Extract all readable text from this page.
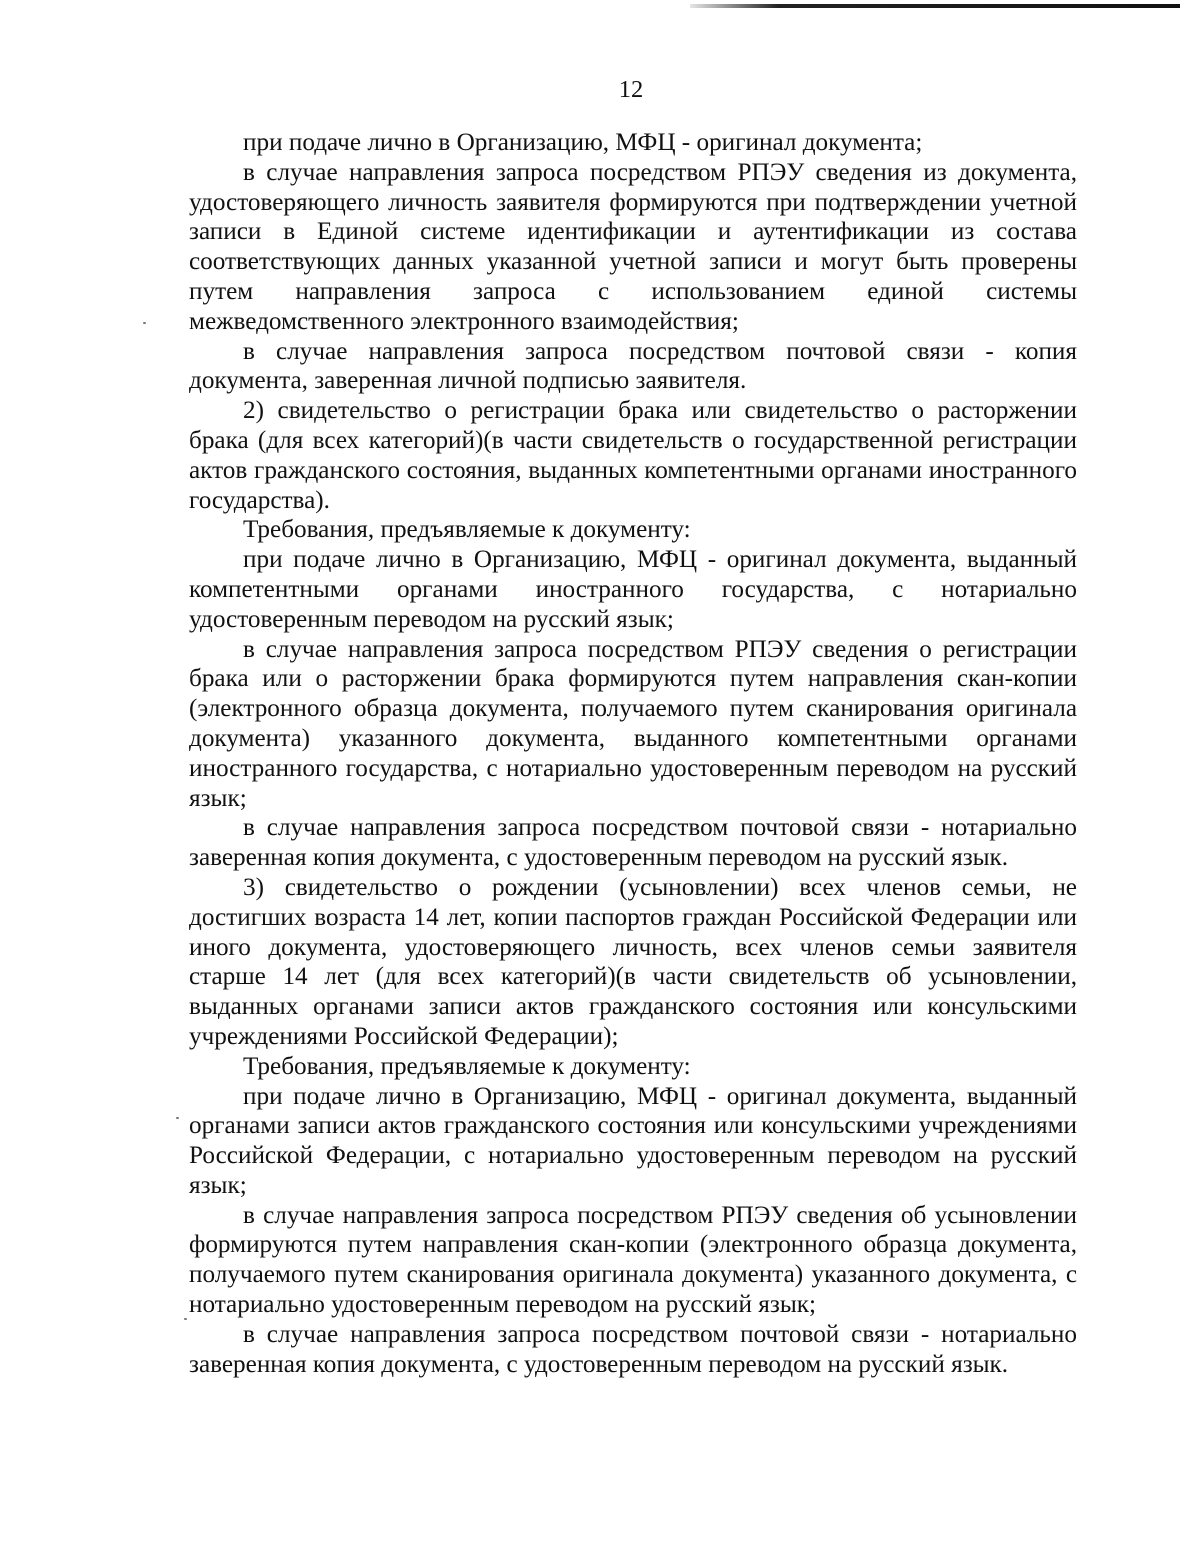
12

при подаче лично в Организацию, МФЦ - оригинал документа;

в случае направления запроса посредством РПЭУ сведения из документа, удостоверяющего личность заявителя формируются при подтверждении учетной записи в Единой системе идентификации и аутентификации из состава соответствующих данных указанной учетной записи и могут быть проверены путем направления запроса с использованием единой системы межведомственного электронного взаимодействия;

в случае направления запроса посредством почтовой связи - копия документа, заверенная личной подписью заявителя.

2) свидетельство о регистрации брака или свидетельство о расторжении брака (для всех категорий)(в части свидетельств о государственной регистрации актов гражданского состояния, выданных компетентными органами иностранного государства).

Требования, предъявляемые к документу:

при подаче лично в Организацию, МФЦ - оригинал документа, выданный компетентными органами иностранного государства, с нотариально удостоверенным переводом на русский язык;

в случае направления запроса посредством РПЭУ сведения о регистрации брака или о расторжении брака формируются путем направления скан-копии (электронного образца документа, получаемого путем сканирования оригинала документа) указанного документа, выданного компетентными органами иностранного государства, с нотариально удостоверенным переводом на русский язык;

в случае направления запроса посредством почтовой связи - нотариально заверенная копия документа, с удостоверенным переводом на русский язык.

3) свидетельство о рождении (усыновлении) всех членов семьи, не достигших возраста 14 лет, копии паспортов граждан Российской Федерации или иного документа, удостоверяющего личность, всех членов семьи заявителя старше 14 лет (для всех категорий)(в части свидетельств об усыновлении, выданных органами записи актов гражданского состояния или консульскими учреждениями Российской Федерации);

Требования, предъявляемые к документу:

при подаче лично в Организацию, МФЦ - оригинал документа, выданный органами записи актов гражданского состояния или консульскими учреждениями Российской Федерации, с нотариально удостоверенным переводом на русский язык;

в случае направления запроса посредством РПЭУ сведения об усыновлении формируются путем направления скан-копии (электронного образца документа, получаемого путем сканирования оригинала документа) указанного документа, с нотариально удостоверенным переводом на русский язык;

в случае направления запроса посредством почтовой связи - нотариально заверенная копия документа, с удостоверенным переводом на русский язык.
